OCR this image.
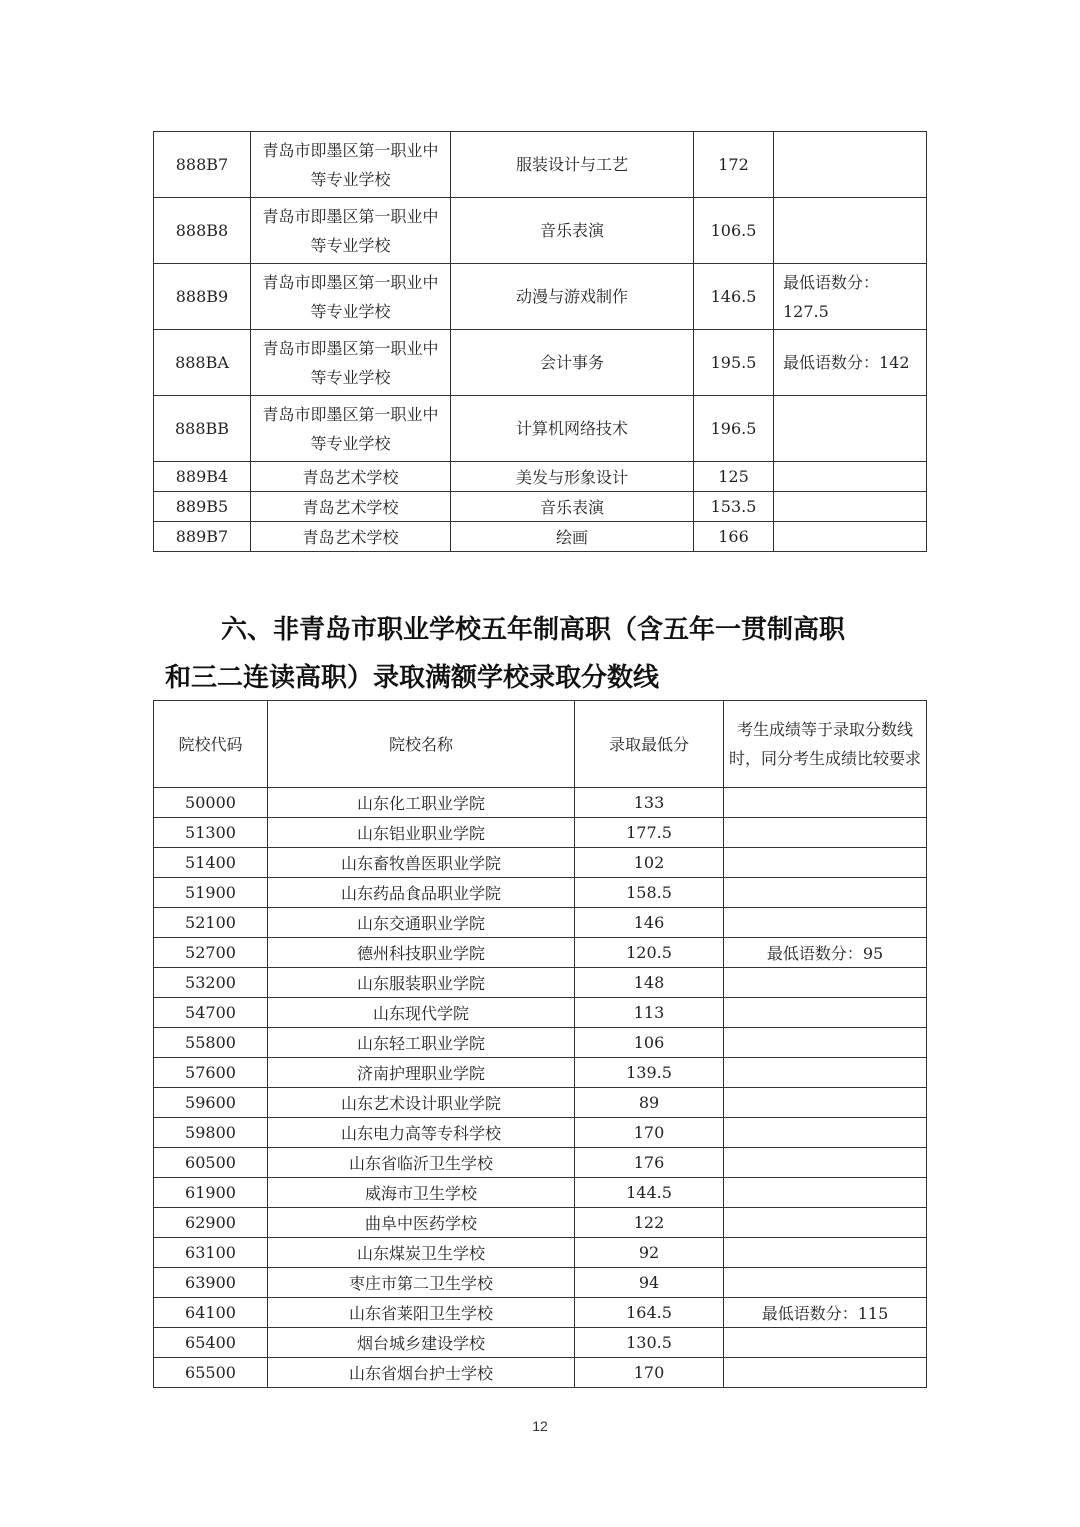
888B7	青岛市即墨区第一职业中等专业学校	服装设计与工艺	172	
888B8	青岛市即墨区第一职业中等专业学校	音乐表演	106.5	
888B9	青岛市即墨区第一职业中等专业学校	动漫与游戏制作	146.5	最低语数分：127.5
888BA	青岛市即墨区第一职业中等专业学校	会计事务	195.5	最低语数分：142
888BB	青岛市即墨区第一职业中等专业学校	计算机网络技术	196.5	
889B4	青岛艺术学校	美发与形象设计	125	
889B5	青岛艺术学校	音乐表演	153.5	
889B7	青岛艺术学校	绘画	166	
六、非青岛市职业学校五年制高职（含五年一贯制高职
和三二连读高职）录取满额学校录取分数线
院校代码	院校名称	录取最低分	考生成绩等于录取分数线时，同分考生成绩比较要求
50000	山东化工职业学院	133	
51300	山东铝业职业学院	177.5	
51400	山东畜牧兽医职业学院	102	
51900	山东药品食品职业学院	158.5	
52100	山东交通职业学院	146	
52700	德州科技职业学院	120.5	最低语数分：95
53200	山东服装职业学院	148	
54700	山东现代学院	113	
55800	山东轻工职业学院	106	
57600	济南护理职业学院	139.5	
59600	山东艺术设计职业学院	89	
59800	山东电力高等专科学校	170	
60500	山东省临沂卫生学校	176	
61900	威海市卫生学校	144.5	
62900	曲阜中医药学校	122	
63100	山东煤炭卫生学校	92	
63900	枣庄市第二卫生学校	94	
64100	山东省莱阳卫生学校	164.5	最低语数分：115
65400	烟台城乡建设学校	130.5	
65500	山东省烟台护士学校	170	
12
